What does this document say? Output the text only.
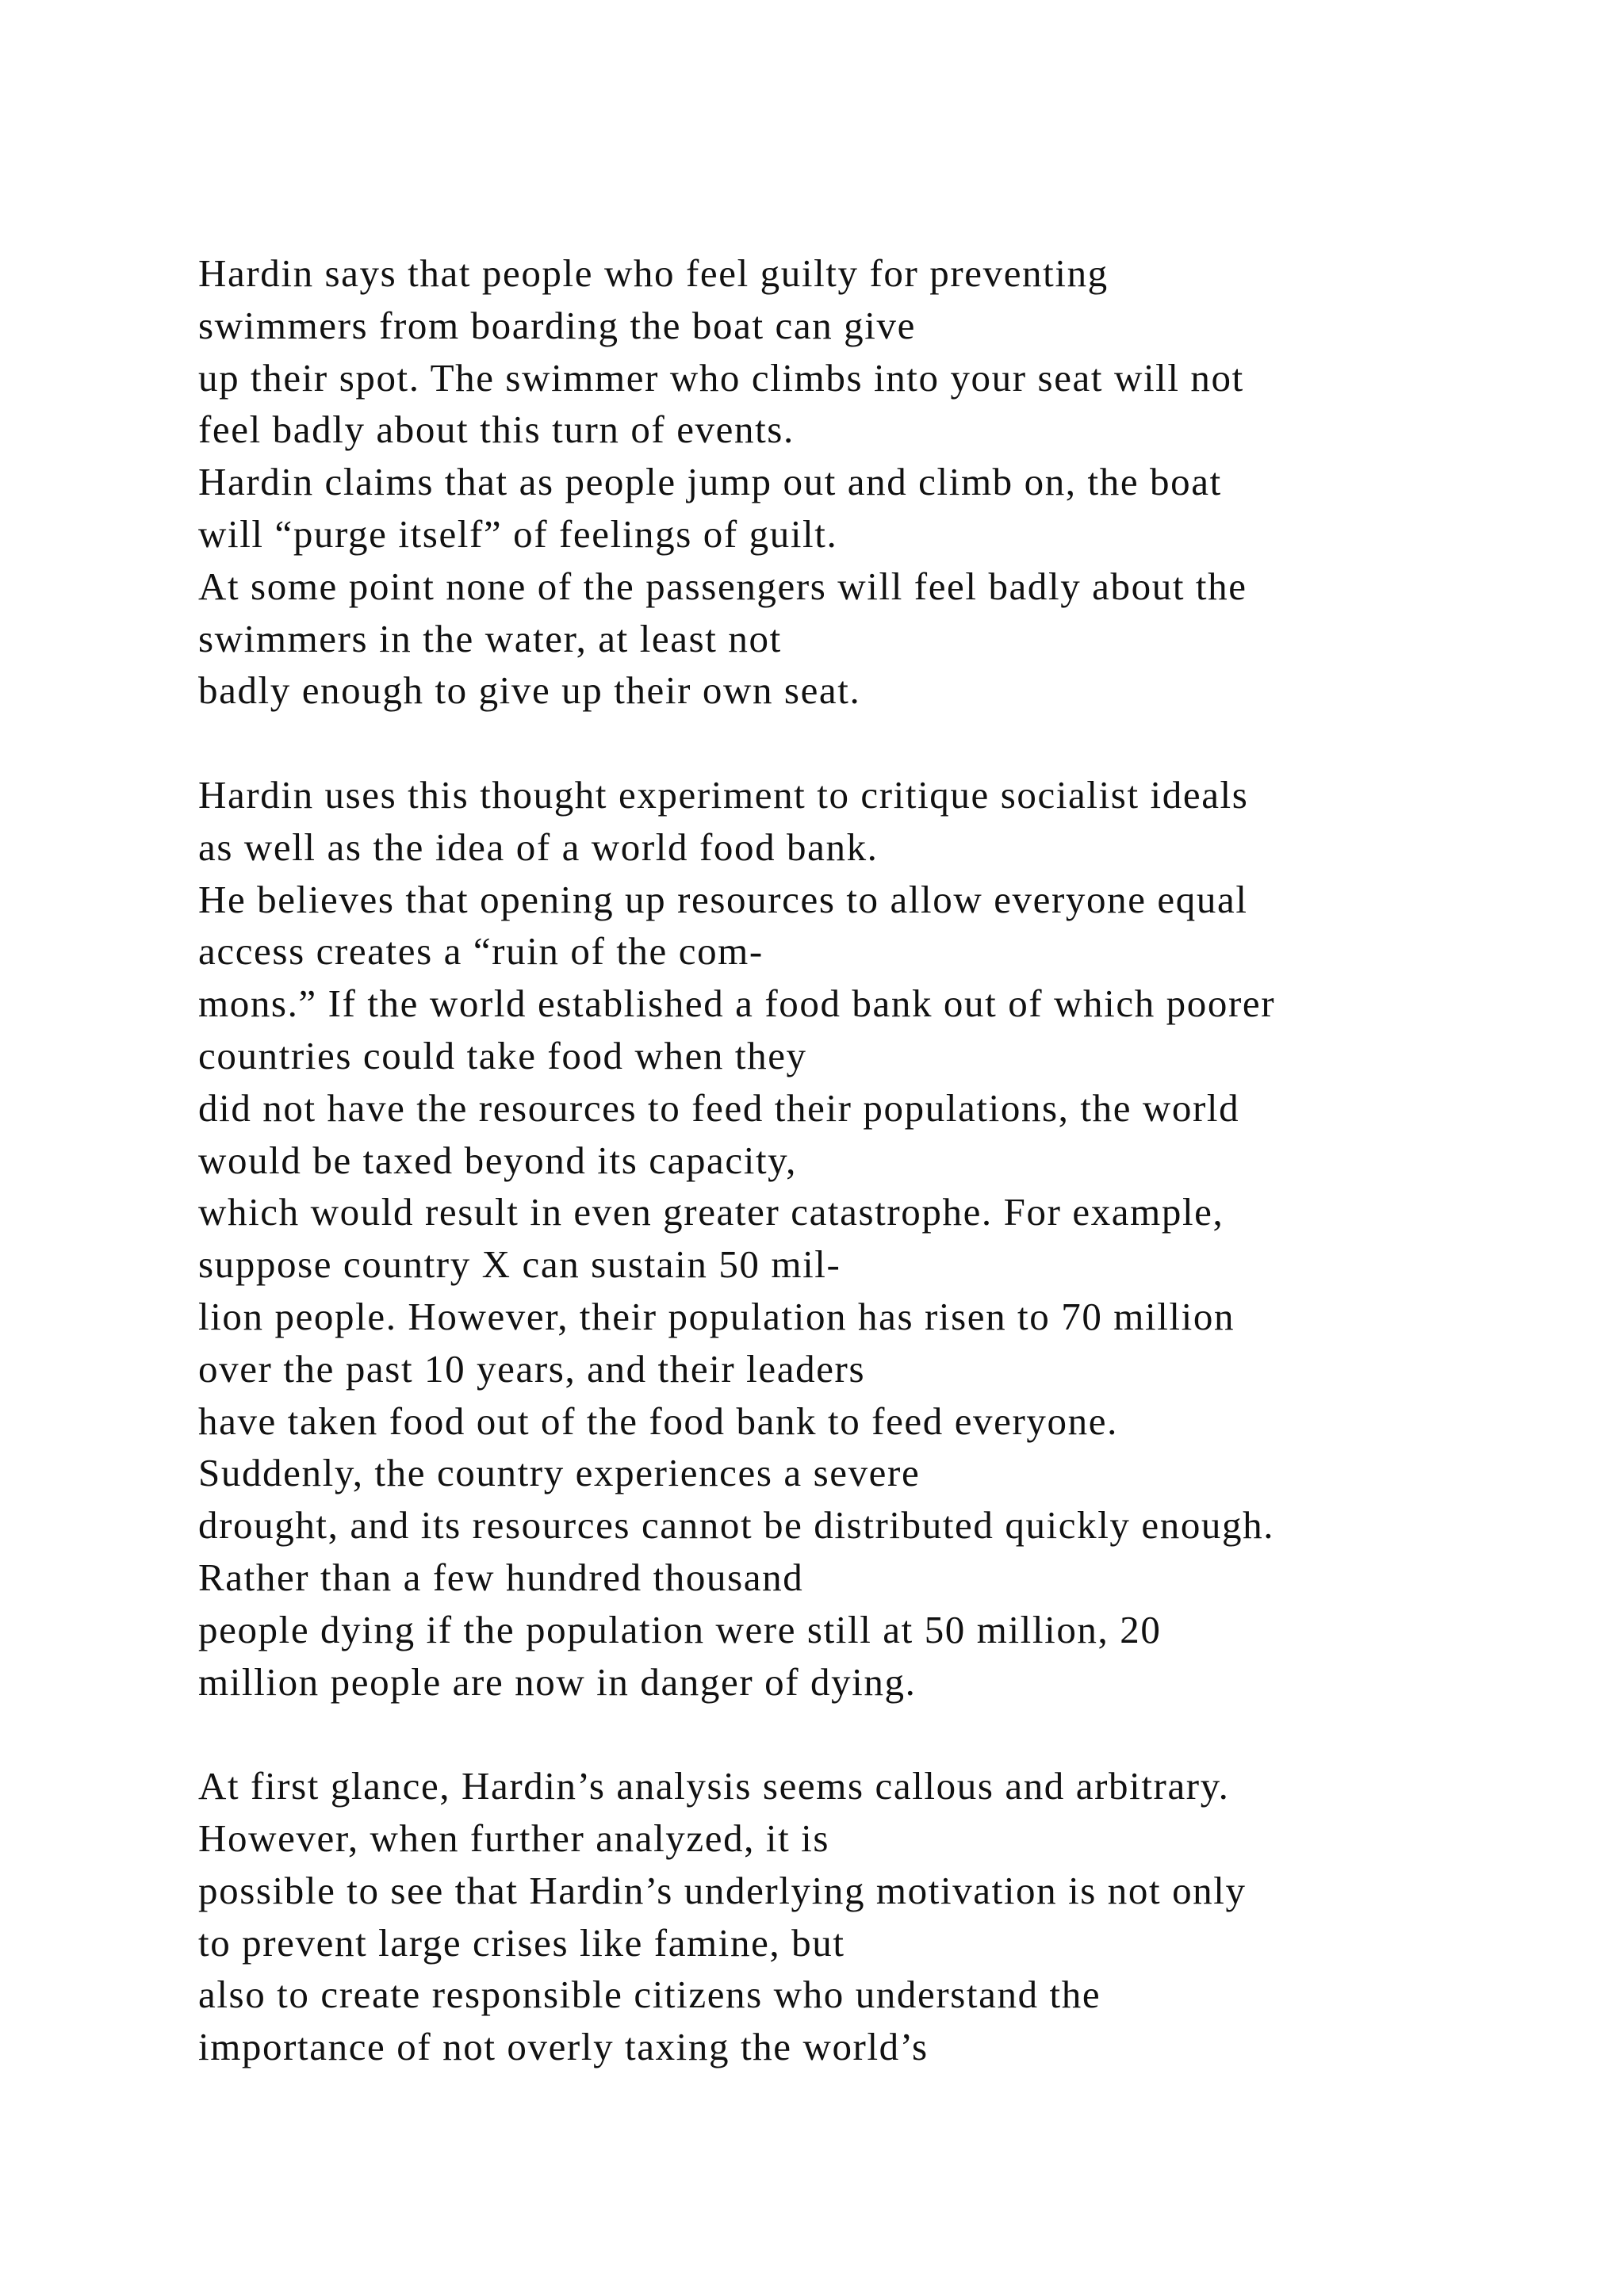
Hardin says that people who feel guilty for preventing
swimmers from boarding the boat can give
up their spot. The swimmer who climbs into your seat will not
feel badly about this turn of events.
Hardin claims that as people jump out and climb on, the boat
will “purge itself” of feelings of guilt.
At some point none of the passengers will feel badly about the
swimmers in the water, at least not
badly enough to give up their own seat.
Hardin uses this thought experiment to critique socialist ideals
as well as the idea of a world food bank.
He believes that opening up resources to allow everyone equal
access creates a “ruin of the com-
mons.” If the world established a food bank out of which poorer
countries could take food when they
did not have the resources to feed their populations, the world
would be taxed beyond its capacity,
which would result in even greater catastrophe. For example,
suppose country X can sustain 50 mil-
lion people. However, their population has risen to 70 million
over the past 10 years, and their leaders
have taken food out of the food bank to feed everyone.
Suddenly, the country experiences a severe
drought, and its resources cannot be distributed quickly enough.
Rather than a few hundred thousand
people dying if the population were still at 50 million, 20
million people are now in danger of dying.
At first glance, Hardin’s analysis seems callous and arbitrary.
However, when further analyzed, it is
possible to see that Hardin’s underlying motivation is not only
to prevent large crises like famine, but
also to create responsible citizens who understand the
importance of not overly taxing the world’s
